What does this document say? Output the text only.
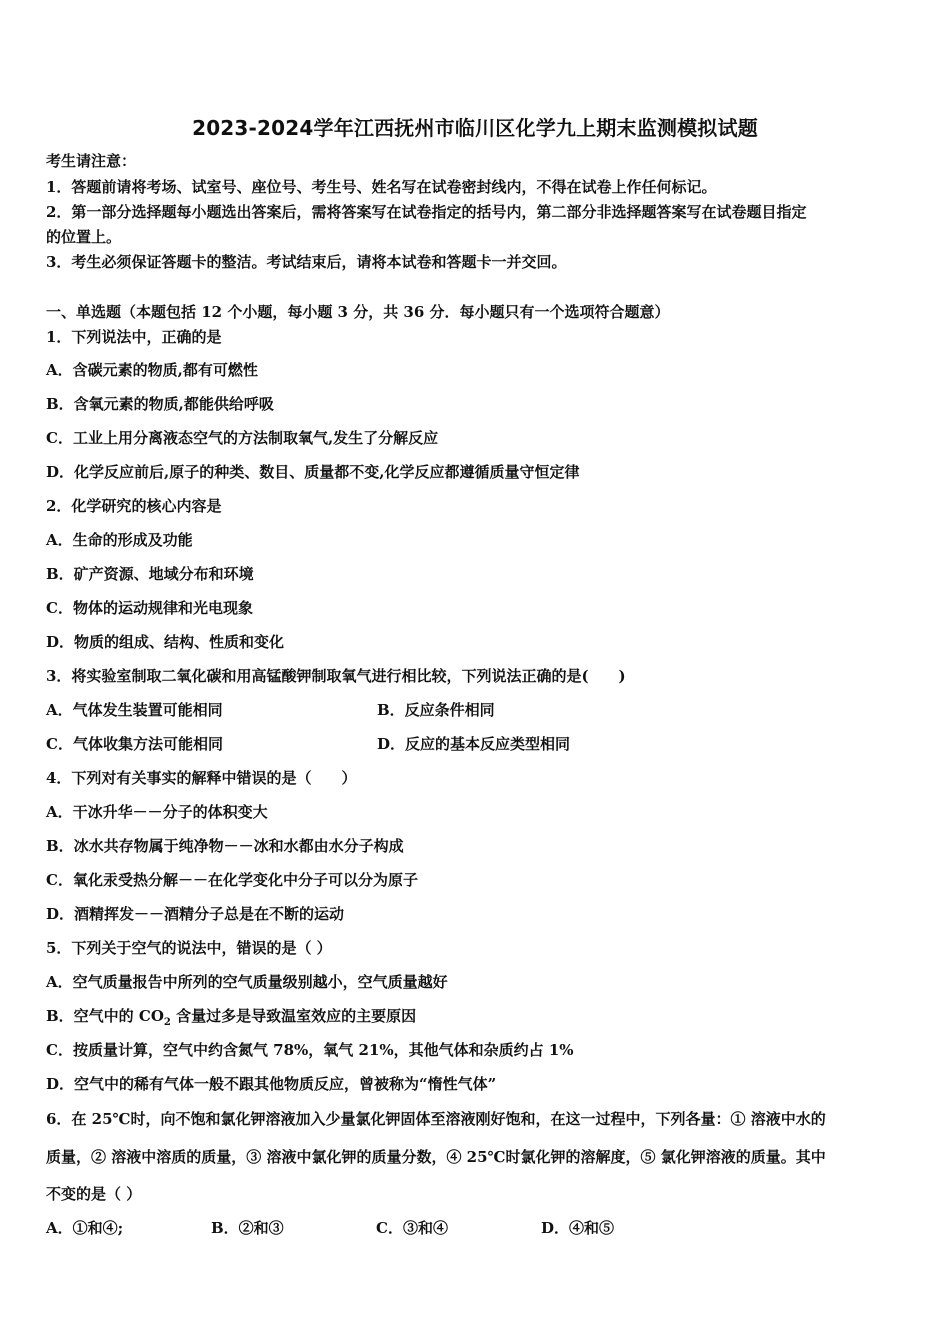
2023-2024学年江西抚州市临川区化学九上期末监测模拟试题
考生请注意：
1．答题前请将考场、试室号、座位号、考生号、姓名写在试卷密封线内，不得在试卷上作任何标记。
2．第一部分选择题每小题选出答案后，需将答案写在试卷指定的括号内，第二部分非选择题答案写在试卷题目指定
的位置上。
3．考生必须保证答题卡的整洁。考试结束后，请将本试卷和答题卡一并交回。
一、单选题（本题包括 12 个小题，每小题 3 分，共 36 分．每小题只有一个选项符合题意）
1．下列说法中，正确的是
A．含碳元素的物质,都有可燃性
B．含氧元素的物质,都能供给呼吸
C．工业上用分离液态空气的方法制取氧气,发生了分解反应
D．化学反应前后,原子的种类、数目、质量都不变,化学反应都遵循质量守恒定律
2．化学研究的核心内容是
A．生命的形成及功能
B．矿产资源、地域分布和环境
C．物体的运动规律和光电现象
D．物质的组成、结构、性质和变化
3．将实验室制取二氧化碳和用高锰酸钾制取氧气进行相比较，下列说法正确的是(　　)
A．气体发生装置可能相同	B．反应条件相同
C．气体收集方法可能相同	D．反应的基本反应类型相同
4．下列对有关事实的解释中错误的是（　　）
A．干冰升华－－分子的体积变大
B．冰水共存物属于纯净物－－冰和水都由水分子构成
C．氧化汞受热分解－－在化学变化中分子可以分为原子
D．酒精挥发－－酒精分子总是在不断的运动
5．下列关于空气的说法中，错误的是（ ）
A．空气质量报告中所列的空气质量级别越小，空气质量越好
B．空气中的 $CO_2$ 含量过多是导致温室效应的主要原因
C．按质量计算，空气中约含氮气 78%，氧气 21%，其他气体和杂质约占 1%
D．空气中的稀有气体一般不跟其他物质反应，曾被称为“惰性气体”
6．在 25℃时，向不饱和氯化钾溶液加入少量氯化钾固体至溶液刚好饱和，在这一过程中，下列各量：① 溶液中水的
质量，② 溶液中溶质的质量，③ 溶液中氯化钾的质量分数，④ 25℃时氯化钾的溶解度，⑤ 氯化钾溶液的质量。其中
不变的是（ ）
A．①和④;	B．②和③	C．③和④	D．④和⑤
